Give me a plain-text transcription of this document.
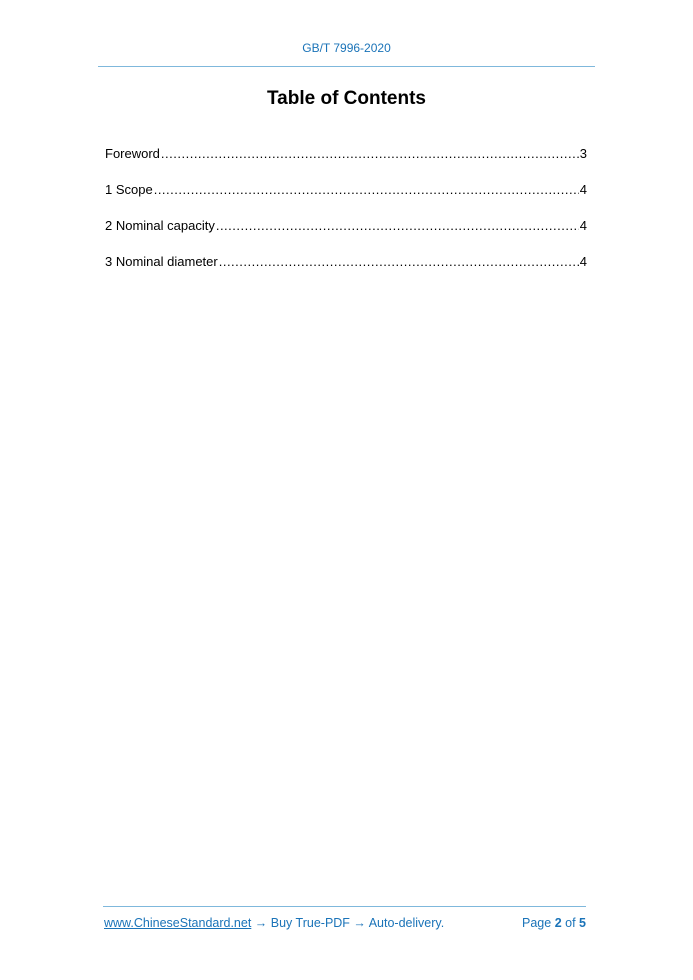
GB/T 7996-2020
Table of Contents
Foreword .....	3
1 Scope .....	4
2 Nominal capacity .....	4
3 Nominal diameter .....	4
www.ChineseStandard.net → Buy True-PDF → Auto-delivery.	Page 2 of 5
